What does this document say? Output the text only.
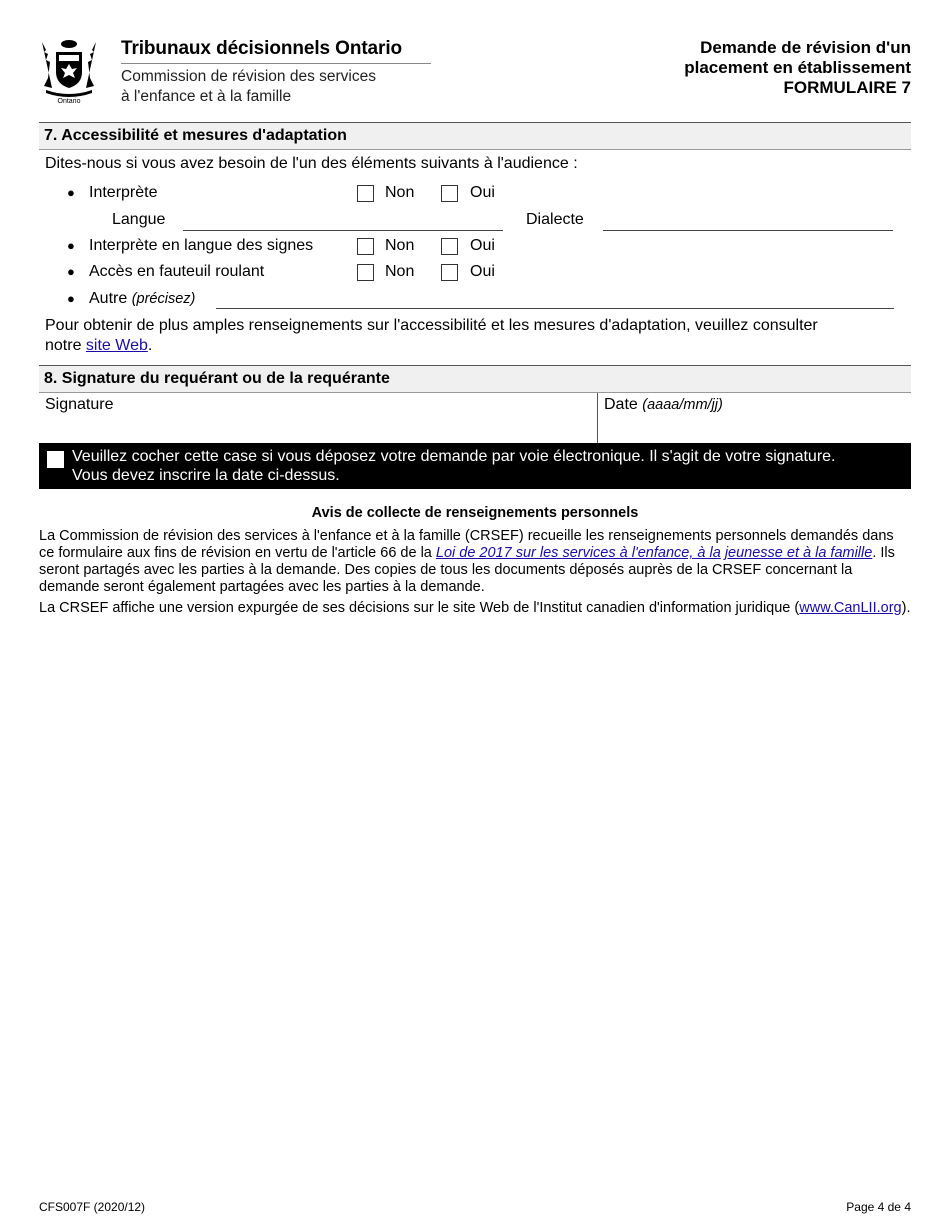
Ontario
Tribunaux décisionnels Ontario
Commission de révision des services
à l'enfance et à la famille
Demande de révision d'un
placement en établissement
FORMULAIRE 7
7. Accessibilité et mesures d'adaptation
Dites-nous si vous avez besoin de l'un des éléments suivants à l'audience :
● Interprète	Non	Oui
Langue	Dialecte
● Interprète en langue des signes	Non	Oui
● Accès en fauteuil roulant	Non	Oui
● Autre (précisez)
Pour obtenir de plus amples renseignements sur l'accessibilité et les mesures d'adaptation, veuillez consulter
notre site Web.
8. Signature du requérant ou de la requérante
Signature	Date (aaaa/mm/jj)
Veuillez cocher cette case si vous déposez votre demande par voie électronique. Il s'agit de votre signature.
Vous devez inscrire la date ci-dessus.
Avis de collecte de renseignements personnels
La Commission de révision des services à l'enfance et à la famille (CRSEF) recueille les renseignements personnels demandés dans ce formulaire aux fins de révision en vertu de l'article 66 de la Loi de 2017 sur les services à l'enfance, à la jeunesse et à la famille. Ils seront partagés avec les parties à la demande. Des copies de tous les documents déposés auprès de la CRSEF concernant la demande seront également partagées avec les parties à la demande.
La CRSEF affiche une version expurgée de ses décisions sur le site Web de l'Institut canadien d'information juridique (www.CanLII.org).
CFS007F (2020/12)	Page 4 de 4
